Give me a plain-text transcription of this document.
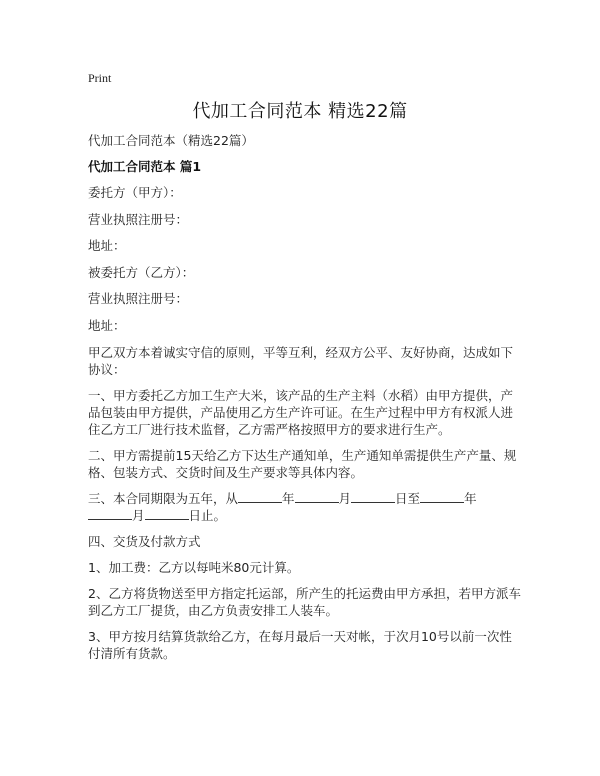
Print
代加工合同范本 精选22篇

代加工合同范本（精选22篇）

代加工合同范本 篇1

委托方（甲方）：

营业执照注册号：

地址：

被委托方（乙方）：

营业执照注册号：

地址：

甲乙双方本着诚实守信的原则，平等互利，经双方公平、友好协商，达成如下协议：

一、甲方委托乙方加工生产大米，该产品的生产主料（水稻）由甲方提供，产品包装由甲方提供，产品使用乙方生产许可证。在生产过程中甲方有权派人进住乙方工厂进行技术监督，乙方需严格按照甲方的要求进行生产。

二、甲方需提前15天给乙方下达生产通知单，生产通知单需提供生产产量、规格、包装方式、交货时间及生产要求等具体内容。

三、本合同期限为五年，从	年	月	日至	年
月	日止。

四、交货及付款方式

1、加工费：乙方以每吨米80元计算。

2、乙方将货物送至甲方指定托运部，所产生的托运费由甲方承担，若甲方派车到乙方工厂提货，由乙方负责安排工人装车。

3、甲方按月结算货款给乙方，在每月最后一天对帐，于次月10号以前一次性付清所有货款。
